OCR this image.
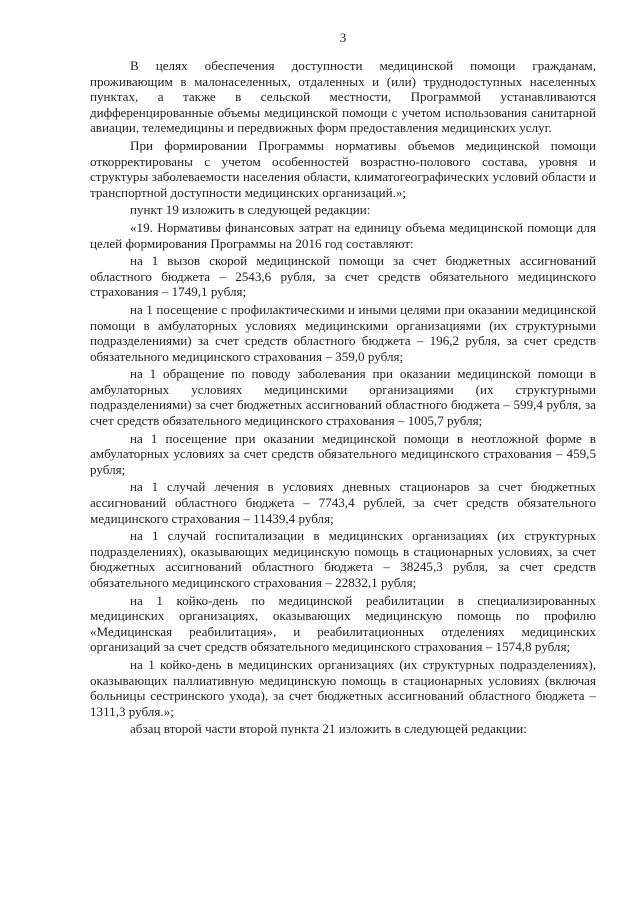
3

В целях обеспечения доступности медицинской помощи гражданам, проживающим в малонаселенных, отдаленных и (или) труднодоступных населенных пунктах, а также в сельской местности, Программой устанавливаются дифференцированные объемы медицинской помощи с учетом использования санитарной авиации, телемедицины и передвижных форм предоставления медицинских услуг.

При формировании Программы нормативы объемов медицинской помощи откорректированы с учетом особенностей возрастно-полового состава, уровня и структуры заболеваемости населения области, климатогеографических условий области и транспортной доступности медицинских организаций.»;

пункт 19 изложить в следующей редакции:

«19. Нормативы финансовых затрат на единицу объема медицинской помощи для целей формирования Программы на 2016 год составляют:

на 1 вызов скорой медицинской помощи за счет бюджетных ассигнований областного бюджета – 2543,6 рубля, за счет средств обязательного медицинского страхования – 1749,1 рубля;

на 1 посещение с профилактическими и иными целями при оказании медицинской помощи в амбулаторных условиях медицинскими организациями (их структурными подразделениями) за счет средств областного бюджета – 196,2 рубля, за счет средств обязательного медицинского страхования – 359,0 рубля;

на 1 обращение по поводу заболевания при оказании медицинской помощи в амбулаторных условиях медицинскими организациями (их структурными подразделениями) за счет бюджетных ассигнований областного бюджета – 599,4 рубля, за счет средств обязательного медицинского страхования – 1005,7 рубля;

на 1 посещение при оказании медицинской помощи в неотложной форме в амбулаторных условиях за счет средств обязательного медицинского страхования – 459,5 рубля;

на 1 случай лечения в условиях дневных стационаров за счет бюджетных ассигнований областного бюджета – 7743,4 рублей, за счет средств обязательного медицинского страхования – 11439,4 рубля;

на 1 случай госпитализации в медицинских организациях (их структурных подразделениях), оказывающих медицинскую помощь в стационарных условиях, за счет бюджетных ассигнований областного бюджета – 38245,3 рубля, за счет средств обязательного медицинского страхования – 22832,1 рубля;

на 1 койко-день по медицинской реабилитации в специализированных медицинских организациях, оказывающих медицинскую помощь по профилю «Медицинская реабилитация», и реабилитационных отделениях медицинских организаций за счет средств обязательного медицинского страхования – 1574,8 рубля;

на 1 койко-день в медицинских организациях (их структурных подразделениях), оказывающих паллиативную медицинскую помощь в стационарных условиях (включая больницы сестринского ухода), за счет бюджетных ассигнований областного бюджета – 1311,3 рубля.»;

абзац второй части второй пункта 21 изложить в следующей редакции:
